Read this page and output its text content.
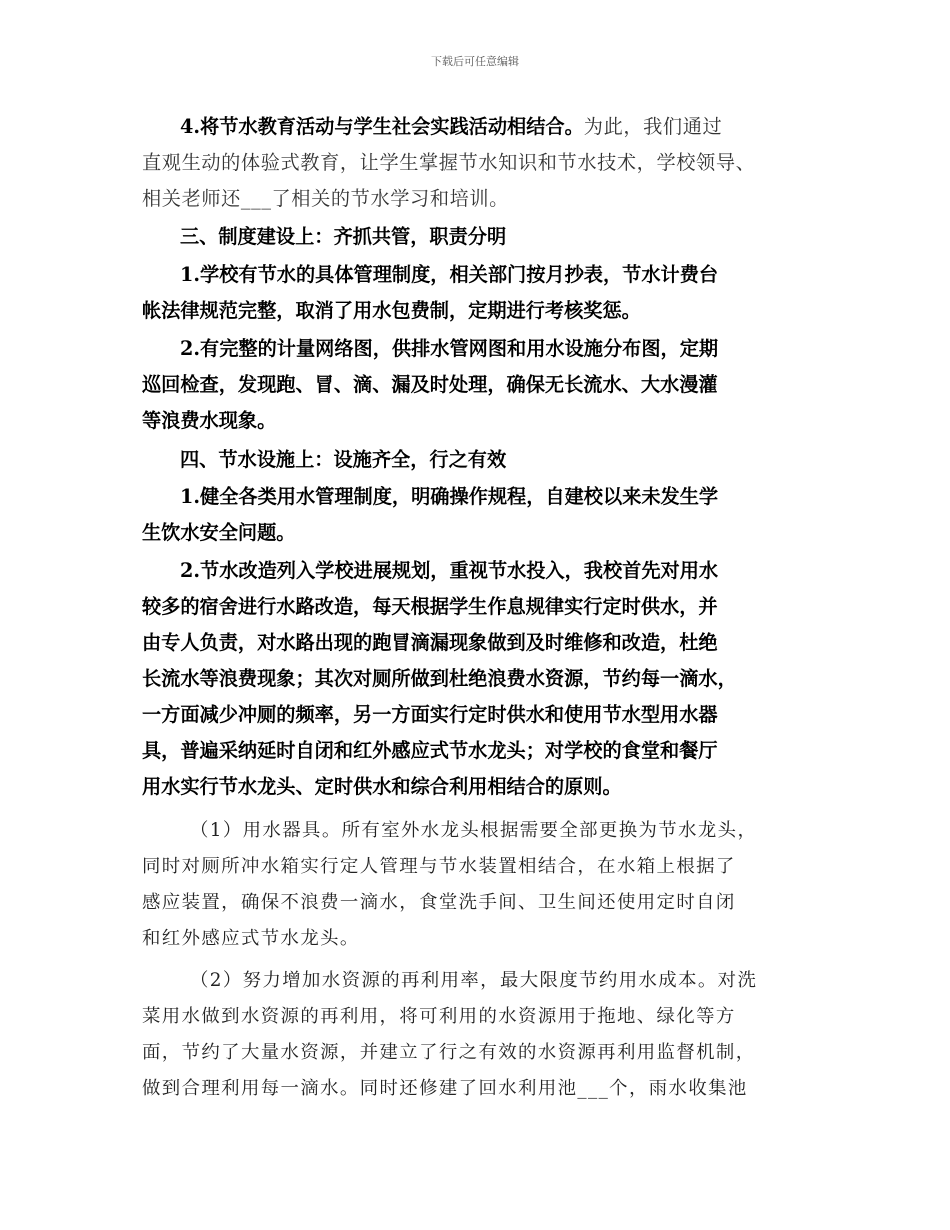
下载后可任意编辑
4.将节水教育活动与学生社会实践活动相结合。为此，我们通过
直观生动的体验式教育，让学生掌握节水知识和节水技术，学校领导、
相关老师还___了相关的节水学习和培训。
三、制度建设上：齐抓共管，职责分明
1.学校有节水的具体管理制度，相关部门按月抄表，节水计费台
帐法律规范完整，取消了用水包费制，定期进行考核奖惩。
2.有完整的计量网络图，供排水管网图和用水设施分布图，定期
巡回检查，发现跑、冒、滴、漏及时处理，确保无长流水、大水漫灌
等浪费水现象。
四、节水设施上：设施齐全，行之有效
1.健全各类用水管理制度，明确操作规程，自建校以来未发生学
生饮水安全问题。
2.节水改造列入学校进展规划，重视节水投入，我校首先对用水
较多的宿舍进行水路改造，每天根据学生作息规律实行定时供水，并
由专人负责，对水路出现的跑冒滴漏现象做到及时维修和改造，杜绝
长流水等浪费现象；其次对厕所做到杜绝浪费水资源，节约每一滴水，
一方面减少冲厕的频率，另一方面实行定时供水和使用节水型用水器
具，普遍采纳延时自闭和红外感应式节水龙头；对学校的食堂和餐厅
用水实行节水龙头、定时供水和综合利用相结合的原则。
（1）用水器具。所有室外水龙头根据需要全部更换为节水龙头，
同时对厕所冲水箱实行定人管理与节水装置相结合，在水箱上根据了
感应装置，确保不浪费一滴水，食堂洗手间、卫生间还使用定时自闭
和红外感应式节水龙头。
（2）努力增加水资源的再利用率，最大限度节约用水成本。对洗
菜用水做到水资源的再利用，将可利用的水资源用于拖地、绿化等方
面，节约了大量水资源，并建立了行之有效的水资源再利用监督机制，
做到合理利用每一滴水。同时还修建了回水利用池___个，雨水收集池
